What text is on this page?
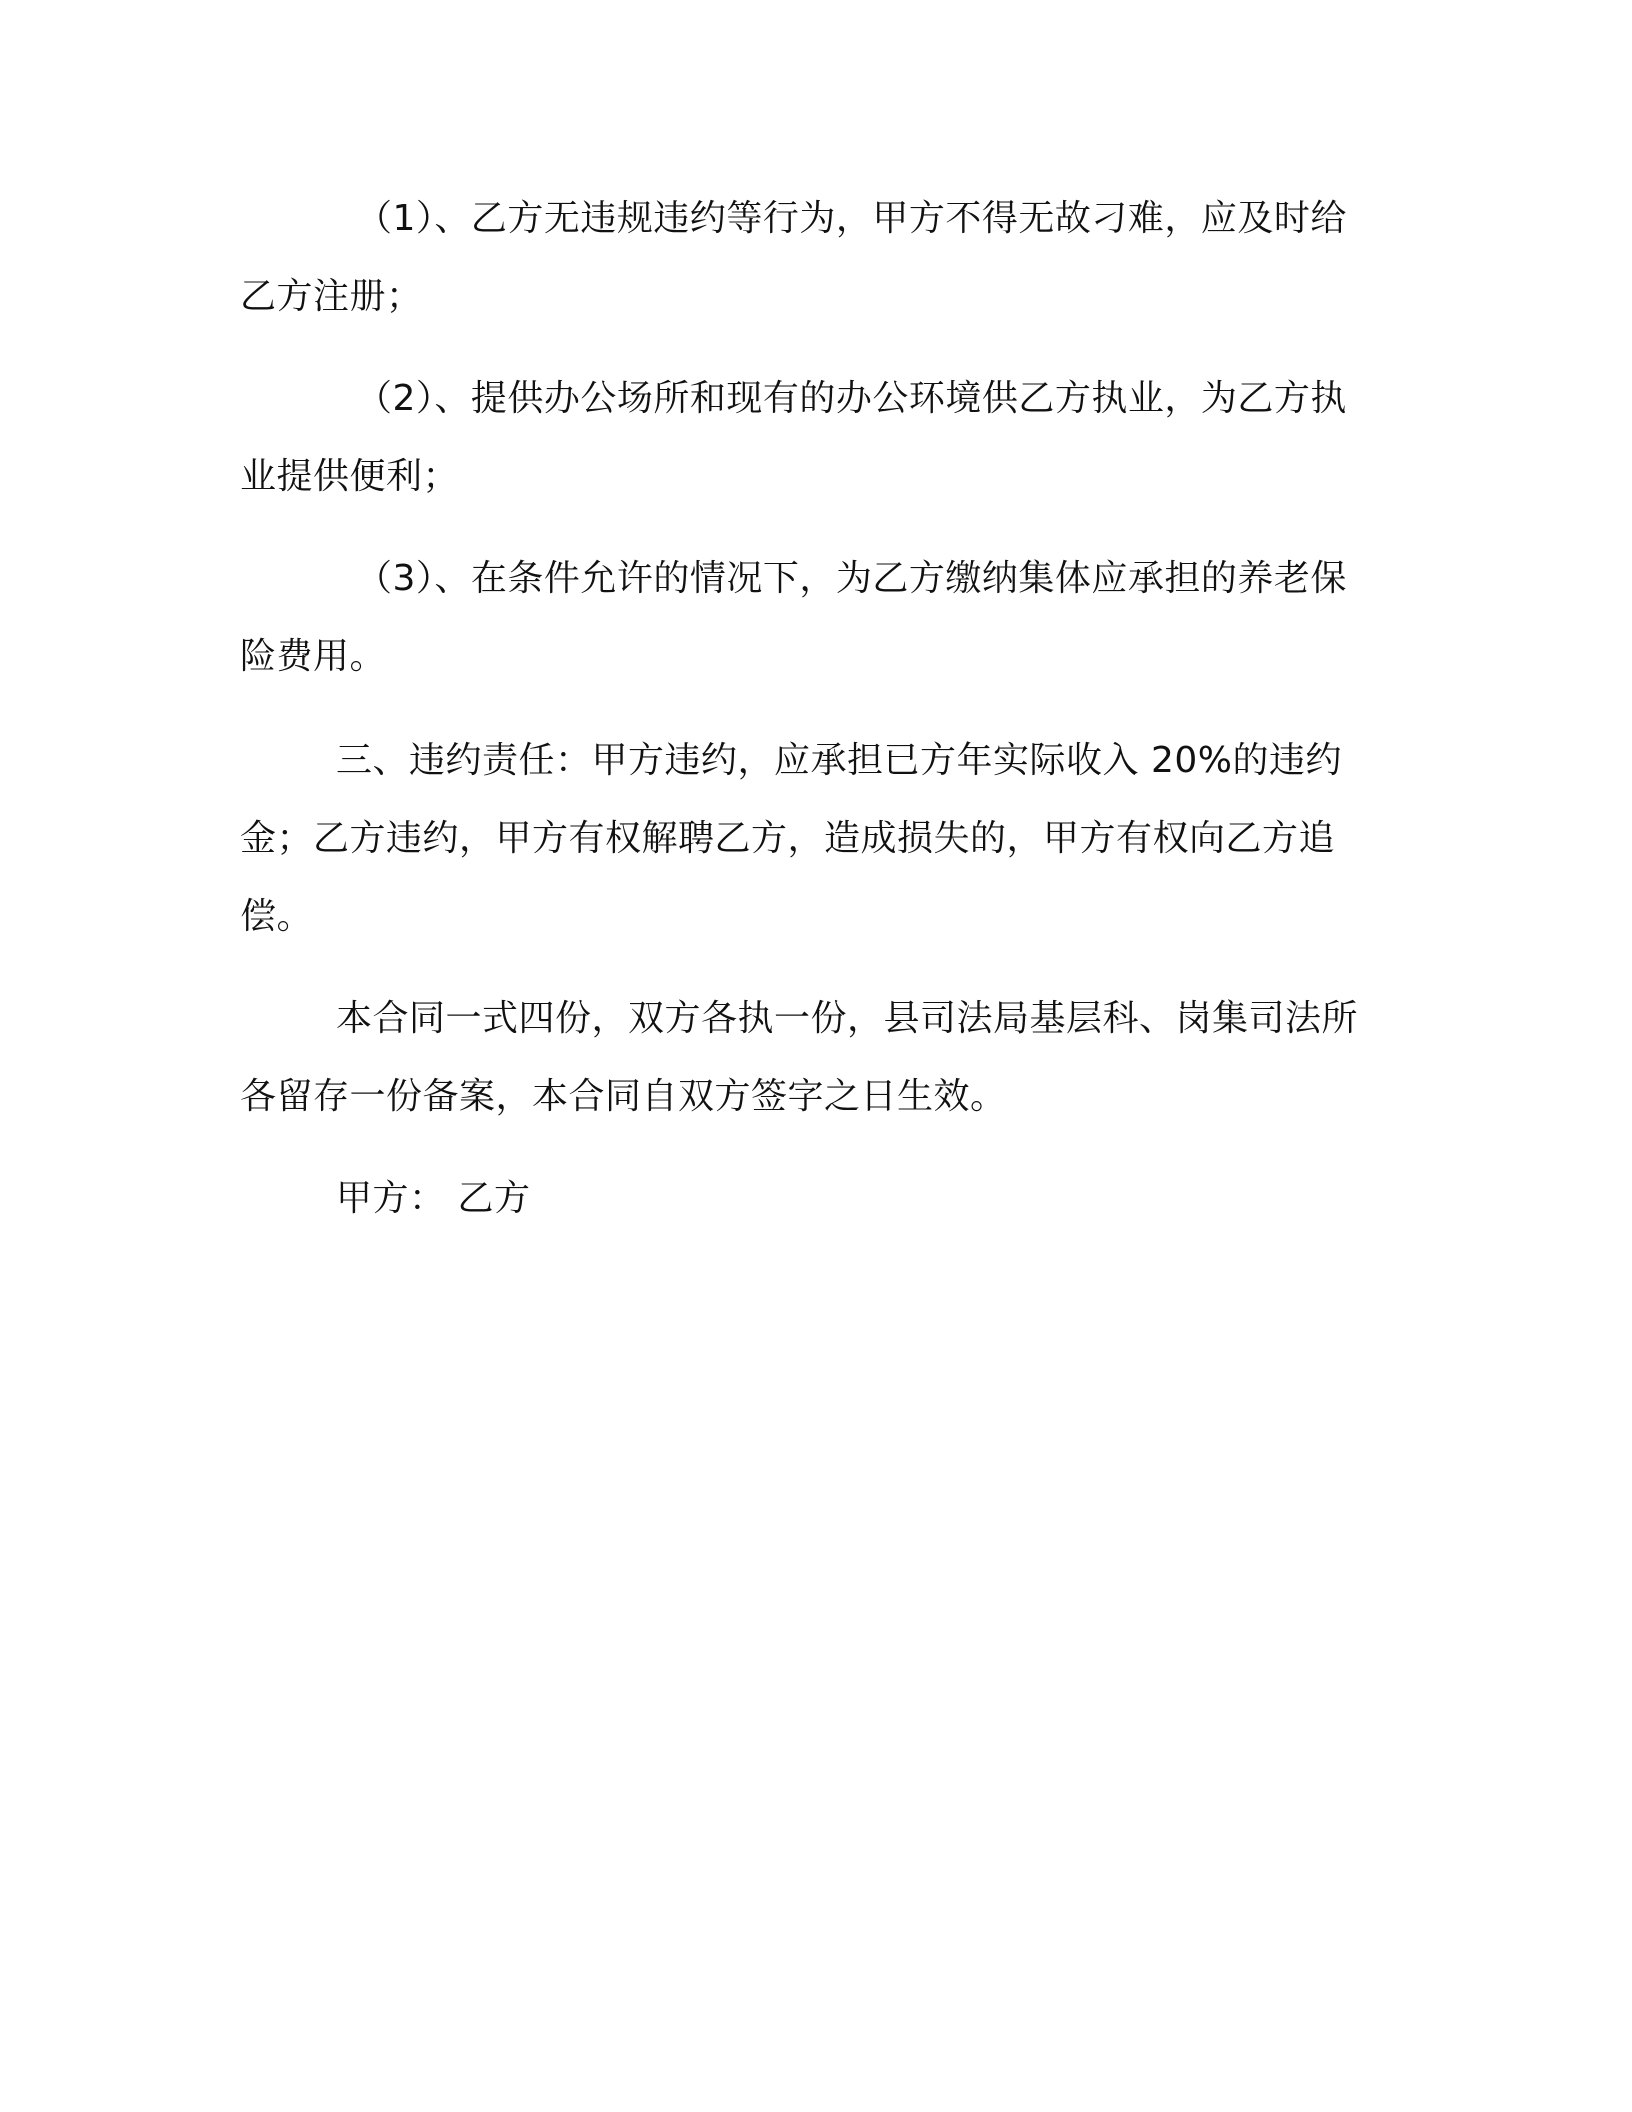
（1）、乙方无违规违约等行为，甲方不得无故刁难，应及时给
乙方注册；
（2）、提供办公场所和现有的办公环境供乙方执业，为乙方执
业提供便利；
（3）、在条件允许的情况下，为乙方缴纳集体应承担的养老保
险费用。
三、违约责任：甲方违约，应承担已方年实际收入 20%的违约
金；乙方违约，甲方有权解聘乙方，造成损失的，甲方有权向乙方追
偿。
本合同一式四份，双方各执一份，县司法局基层科、岗集司法所
各留存一份备案，本合同自双方签字之日生效。
甲方： 乙方
